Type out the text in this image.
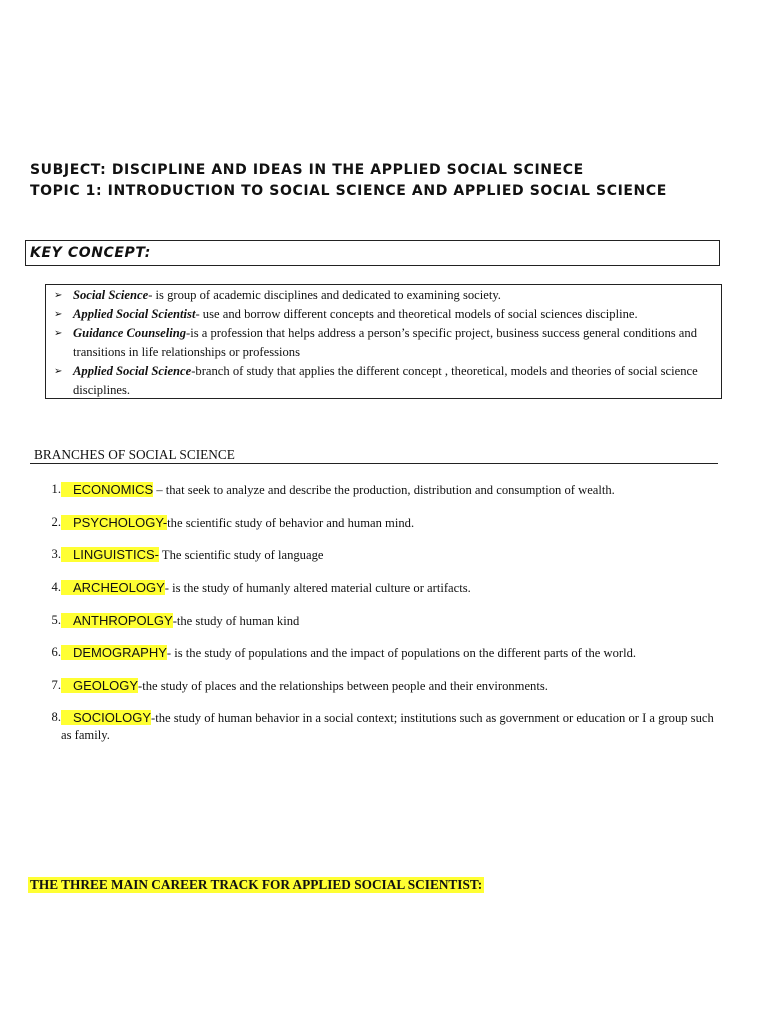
SUBJECT: DISCIPLINE AND IDEAS IN THE APPLIED SOCIAL SCINECE
TOPIC 1: INTRODUCTION TO SOCIAL SCIENCE AND APPLIED SOCIAL SCIENCE
KEY CONCEPT:
➢ Social Science- is group of academic disciplines and dedicated to examining society.
➢ Applied Social Scientist- use and borrow different concepts and theoretical models of social sciences discipline.
➢ Guidance Counseling-is a profession that helps address a person’s specific project, business success general conditions and transitions in life relationships or professions
➢ Applied Social Science-branch of study that applies the different concept , theoretical, models and theories of social science disciplines.
BRANCHES OF SOCIAL SCIENCE
1. ECONOMICS – that seek to analyze and describe the production, distribution and consumption of wealth.
2. PSYCHOLOGY-the scientific study of behavior and human mind.
3. LINGUISTICS- The scientific study of language
4. ARCHEOLOGY- is the study of humanly altered material culture or artifacts.
5. ANTHROPOLGY-the study of human kind
6. DEMOGRAPHY- is the study of populations and the impact of populations on the different parts of the world.
7. GEOLOGY-the study of places and the relationships between people and their environments.
8. SOCIOLOGY-the study of human behavior in a social context; institutions such as government or education or I a group such as family.
THE THREE MAIN CAREER TRACK FOR APPLIED SOCIAL SCIENTIST:
